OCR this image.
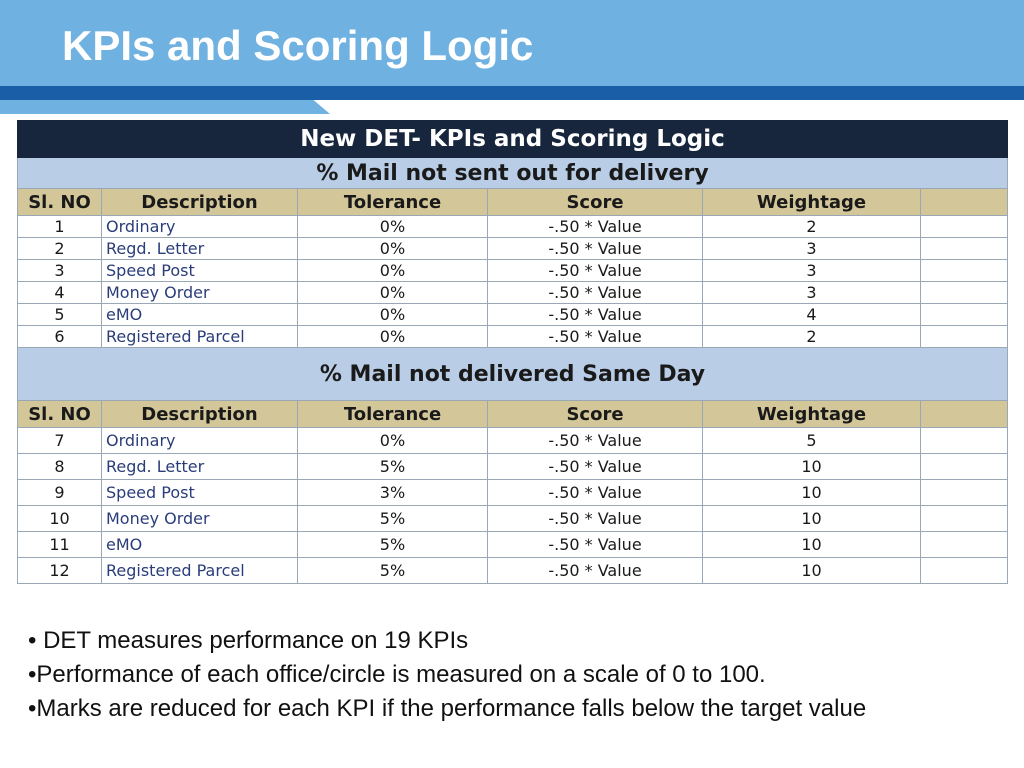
KPIs and Scoring Logic
New DET- KPIs and Scoring Logic					
% Mail not sent out for delivery					
Sl. NO	Description	Tolerance	Score	Weightage	
1	Ordinary	0%	-.50 * Value	2	
2	Regd. Letter	0%	-.50 * Value	3	
3	Speed Post	0%	-.50 * Value	3	
4	Money Order	0%	-.50 * Value	3	
5	eMO	0%	-.50 * Value	4	
6	Registered Parcel	0%	-.50 * Value	2	
% Mail not delivered Same Day					
Sl. NO	Description	Tolerance	Score	Weightage	
7	Ordinary	0%	-.50 * Value	5	
8	Regd. Letter	5%	-.50 * Value	10	
9	Speed Post	3%	-.50 * Value	10	
10	Money Order	5%	-.50 * Value	10	
11	eMO	5%	-.50 * Value	10	
12	Registered Parcel	5%	-.50 * Value	10	

• DET measures performance on 19 KPIs

•Performance of each office/circle is measured on a scale of 0 to 100.

•Marks are reduced for each KPI if the performance falls below the target value
